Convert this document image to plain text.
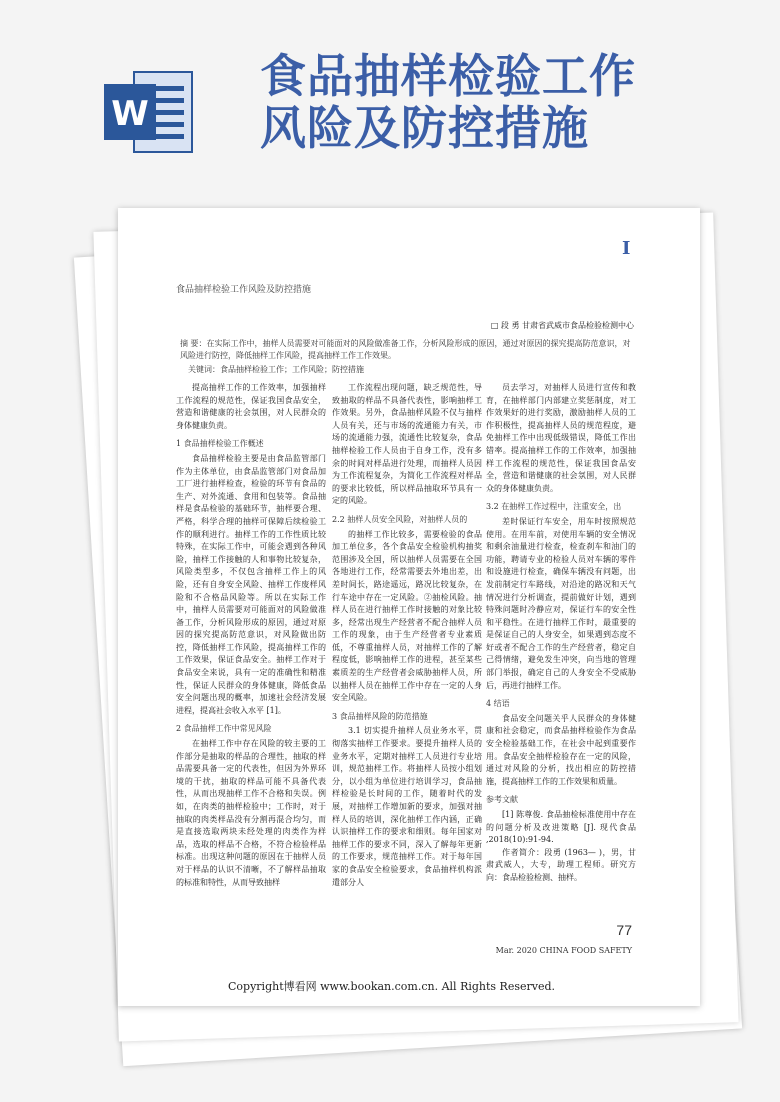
W
食品抽样检验工作
风险及防控措施
I
食品抽样检验工作风险及防控措施
□ 段 勇 甘肃省武威市食品检验检测中心
摘 要：在实际工作中，抽样人员需要对可能面对的风险做准备工作，分析风险形成的原因，通过对原因的探究提高防范意识，对风险进行防控，降低抽样工作风险，提高抽样工作工作效果。
关键词：食品抽样检验工作；工作风险；防控措施

提高抽样工作的工作效率，加强抽样工作流程的规范性，保证我国食品安全，营造和谐健康的社会氛围，对人民群众的身体健康负责。

1 食品抽样检验工作概述

食品抽样检验主要是由食品监管部门作为主体单位，由食品监管部门对食品加工厂进行抽样检查，检验的环节有食品的生产、对外流通、食用和包装等。食品抽样是食品检验的基础环节，抽样要合理、严格，科学合理的抽样可保障后续检验工作的顺利进行。抽样工作的工作性质比较特殊，在实际工作中，可能会遇到各种风险，抽样工作接触的人和事物比较复杂，风险类型多，不仅包含抽样工作上的风险，还有自身安全风险、抽样工作废样风险和不合格品风险等。所以在实际工作中，抽样人员需要对可能面对的风险做准备工作，分析风险形成的原因，通过对原因的探究提高防范意识，对风险做出防控，降低抽样工作风险，提高抽样工作的工作效果，保证食品安全。抽样工作对于食品安全来说，具有一定的准确性和精准性，保证人民群众的身体健康，降低食品安全问题出现的概率，加速社会经济发展进程，提高社会收入水平 [1]。

2 食品抽样工作中常见风险

在抽样工作中存在风险的较主要的工作部分是抽取的样品的合理性，抽取的样品需要具备一定的代表性，但因为外界环境的干扰，抽取的样品可能不具备代表性，从而出现抽样工作不合格和失误。例如，在肉类的抽样检验中；工作时，对于抽取的肉类样品没有分割再混合均匀，而是直接选取两块未经处理的肉类作为样品，选取的样品不合格，不符合检验样品标准。出现这种问题的原因在于抽样人员对于样品的认识不清晰，不了解样品抽取的标准和特性，从而导致抽样

工作流程出现问题，缺乏规范性，导致抽取的样品不具备代表性，影响抽样工作效果。另外，食品抽样风险不仅与抽样人员有关，还与市场的流通能力有关，市场的流通能力强，流通性比较复杂，食品抽样检验工作人员由于自身工作，没有多余的时间对样品进行处理，而抽样人员因为工作流程复杂，为简化工作流程对样品的要求比较低，所以样品抽取环节具有一定的风险。

2.2 抽样人员安全风险，对抽样人员的

的抽样工作比较多，需要检验的食品加工单位多，各个食品安全检验机构抽奖范围涉及全国，所以抽样人员需要在全国各地进行工作，经常需要去外地出差，出差时间长，路途遥远，路况比较复杂，在行车途中存在一定风险。②抽检风险。抽样人员在进行抽样工作时接触的对象比较多，经常出现生产经营者不配合抽样人员工作的现象，由于生产经营者专业素质低，不尊重抽样人员，对抽样工作的了解程度低，影响抽样工作的进程，甚至某些素质差的生产经营者会威胁抽样人员，所以抽样人员在抽样工作中存在一定的人身安全风险。

3 食品抽样风险的防范措施

3.1 切实提升抽样人员业务水平，贯彻落实抽样工作要求。要提升抽样人员的业务水平，定期对抽样工人员进行专业培训，规范抽样工作。将抽样人员按小组划分，以小组为单位进行培训学习，食品抽样检验是长时间的工作，随着时代的发展，对抽样工作增加新的要求，加强对抽样人员的培训，深化抽样工作内涵，正确认识抽样工作的要求和细则。每年国家对抽样工作的要求不同，深入了解每年更新的工作要求，规范抽样工作。对于每年国家的食品安全检验要求，食品抽样机构派遣部分人

员去学习，对抽样人员进行宣传和教育，在抽样部门内部建立奖惩制度，对工作效果好的进行奖励，激励抽样人员的工作积极性，提高抽样人员的规范程度，避免抽样工作中出现低级错误，降低工作出错率。提高抽样工作的工作效率，加强抽样工作流程的规范性，保证我国食品安全，营造和谐健康的社会氛围，对人民群众的身体健康负责。

3.2 在抽样工作过程中，注重安全，出

差时保证行车安全，用车时按照规范使用。在用车前，对使用车辆的安全情况和剩余油量进行检查，检查刹车和油门的功能，聘请专业的检验人员对车辆的零件和设施进行检查，确保车辆没有问题，出发前制定行车路线，对沿途的路况和天气情况进行分析调查，提前做好计划，遇到特殊问题时冷静应对，保证行车的安全性和平稳性。在进行抽样工作时，最重要的是保证自己的人身安全，如果遇到态度不好或者不配合工作的生产经营者，稳定自己得情绪，避免发生冲突，向当地的管理部门举报，确定自己的人身安全不受威胁后，再进行抽样工作。

4 结语

食品安全问题关乎人民群众的身体健康和社会稳定，而食品抽样检验作为食品安全检验基础工作，在社会中起到重要作用。食品安全抽样检验存在一定的风险，通过对风险的分析，找出相应的防控措施，提高抽样工作的工作效果和质量。

参考文献

[1] 陈尊俊. 食品抽检标准使用中存在的问题分析及改进策略 [J]. 现代食品 ,2018(10):91-94.

作者简介：段勇 (1963— )，男，甘肃武威人，大专，助理工程师。研究方向：食品检验检测、抽样。

77
Mar. 2020 CHINA FOOD SAFETY
Copyright博看网 www.bookan.com.cn. All Rights Reserved.
